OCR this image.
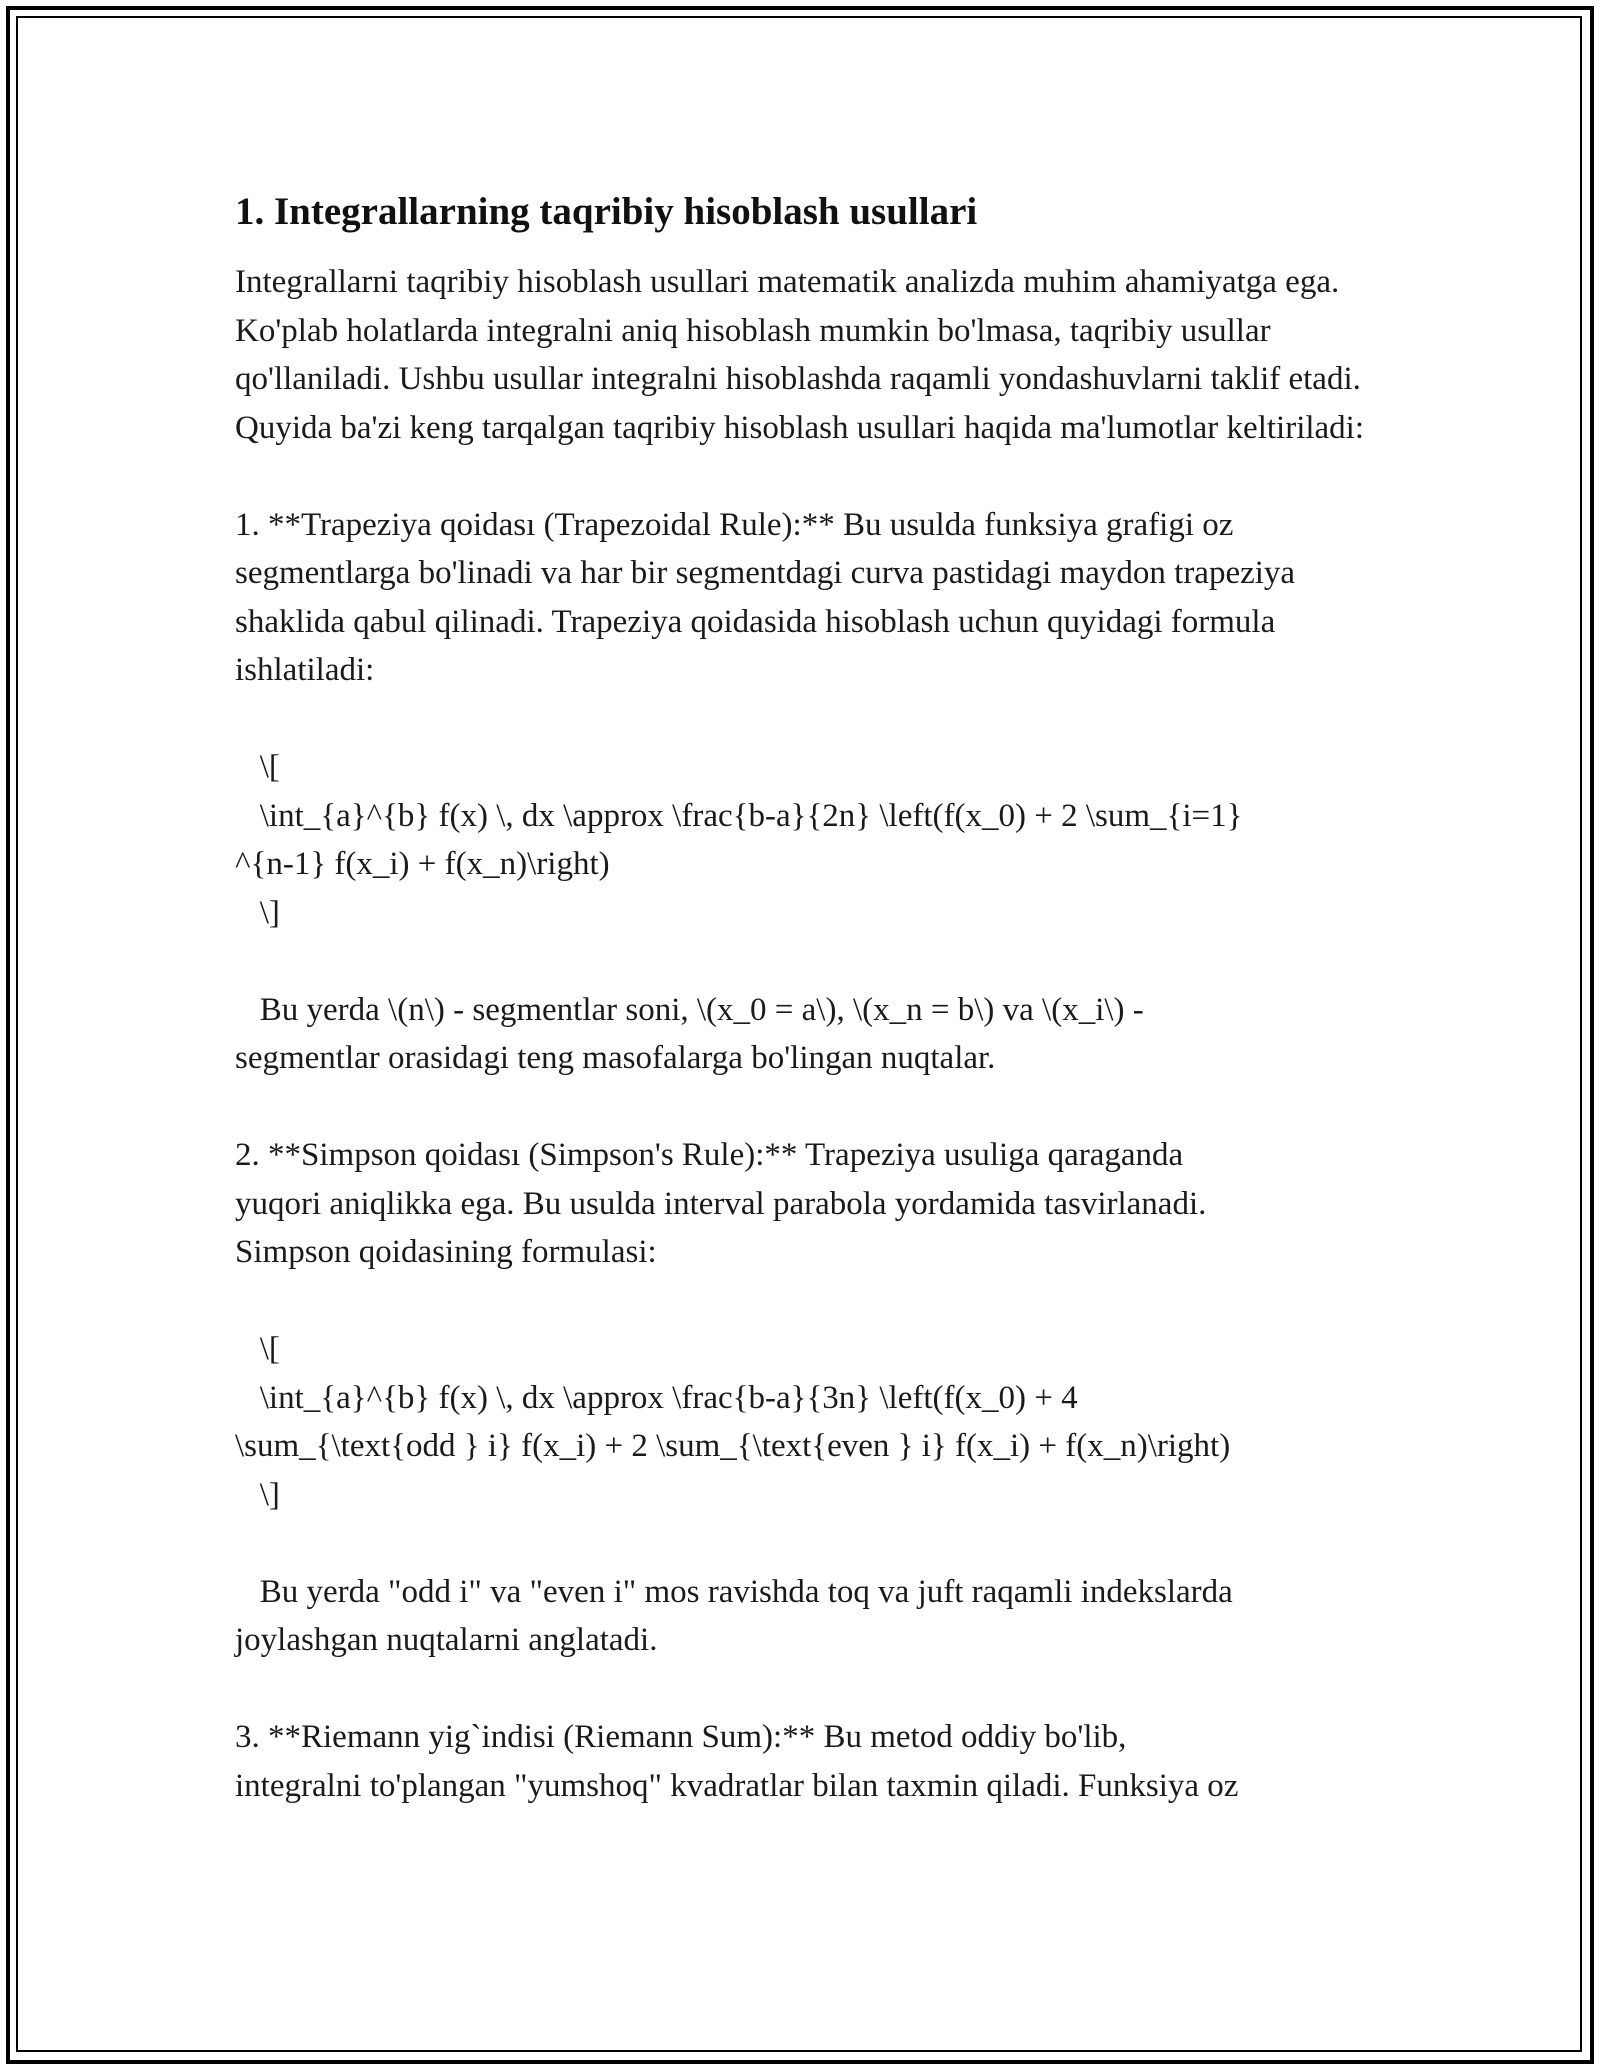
1. Integrallarning taqribiy hisoblash usullari

Integrallarni taqribiy hisoblash usullari matematik analizda muhim ahamiyatga ega. Ko'plab holatlarda integralni aniq hisoblash mumkin bo'lmasa, taqribiy usullar qo'llaniladi. Ushbu usullar integralni hisoblashda raqamli yondashuvlarni taklif etadi. Quyida ba'zi keng tarqalgan taqribiy hisoblash usullari haqida ma'lumotlar keltiriladi:

1. **Trapeziya qoidası (Trapezoidal Rule):** Bu usulda funksiya grafigi oz segmentlarga bo'linadi va har bir segmentdagi curva pastidagi maydon trapeziya shaklida qabul qilinadi. Trapeziya qoidasida hisoblash uchun quyidagi formula ishlatiladi:

\[
\int_{a}^{b} f(x) \, dx \approx \frac{b-a}{2n} \left(f(x_0) + 2 \sum_{i=1}
^{n-1} f(x_i) + f(x_n)\right)
\]

Bu yerda \(n\) - segmentlar soni, \(x_0 = a\), \(x_n = b\) va \(x_i\) -
segmentlar orasidagi teng masofalarga bo'lingan nuqtalar.

2. **Simpson qoidası (Simpson's Rule):** Trapeziya usuliga qaraganda
yuqori aniqlikka ega. Bu usulda interval parabola yordamida tasvirlanadi.
Simpson qoidasining formulasi:

\[
\int_{a}^{b} f(x) \, dx \approx \frac{b-a}{3n} \left(f(x_0) + 4
\sum_{\text{odd } i} f(x_i) + 2 \sum_{\text{even } i} f(x_i) + f(x_n)\right)
\]

Bu yerda "odd i" va "even i" mos ravishda toq va juft raqamli indekslarda
joylashgan nuqtalarni anglatadi.

3. **Riemann yig`indisi (Riemann Sum):** Bu metod oddiy bo'lib,
integralni to'plangan "yumshoq" kvadratlar bilan taxmin qiladi. Funksiya oz
